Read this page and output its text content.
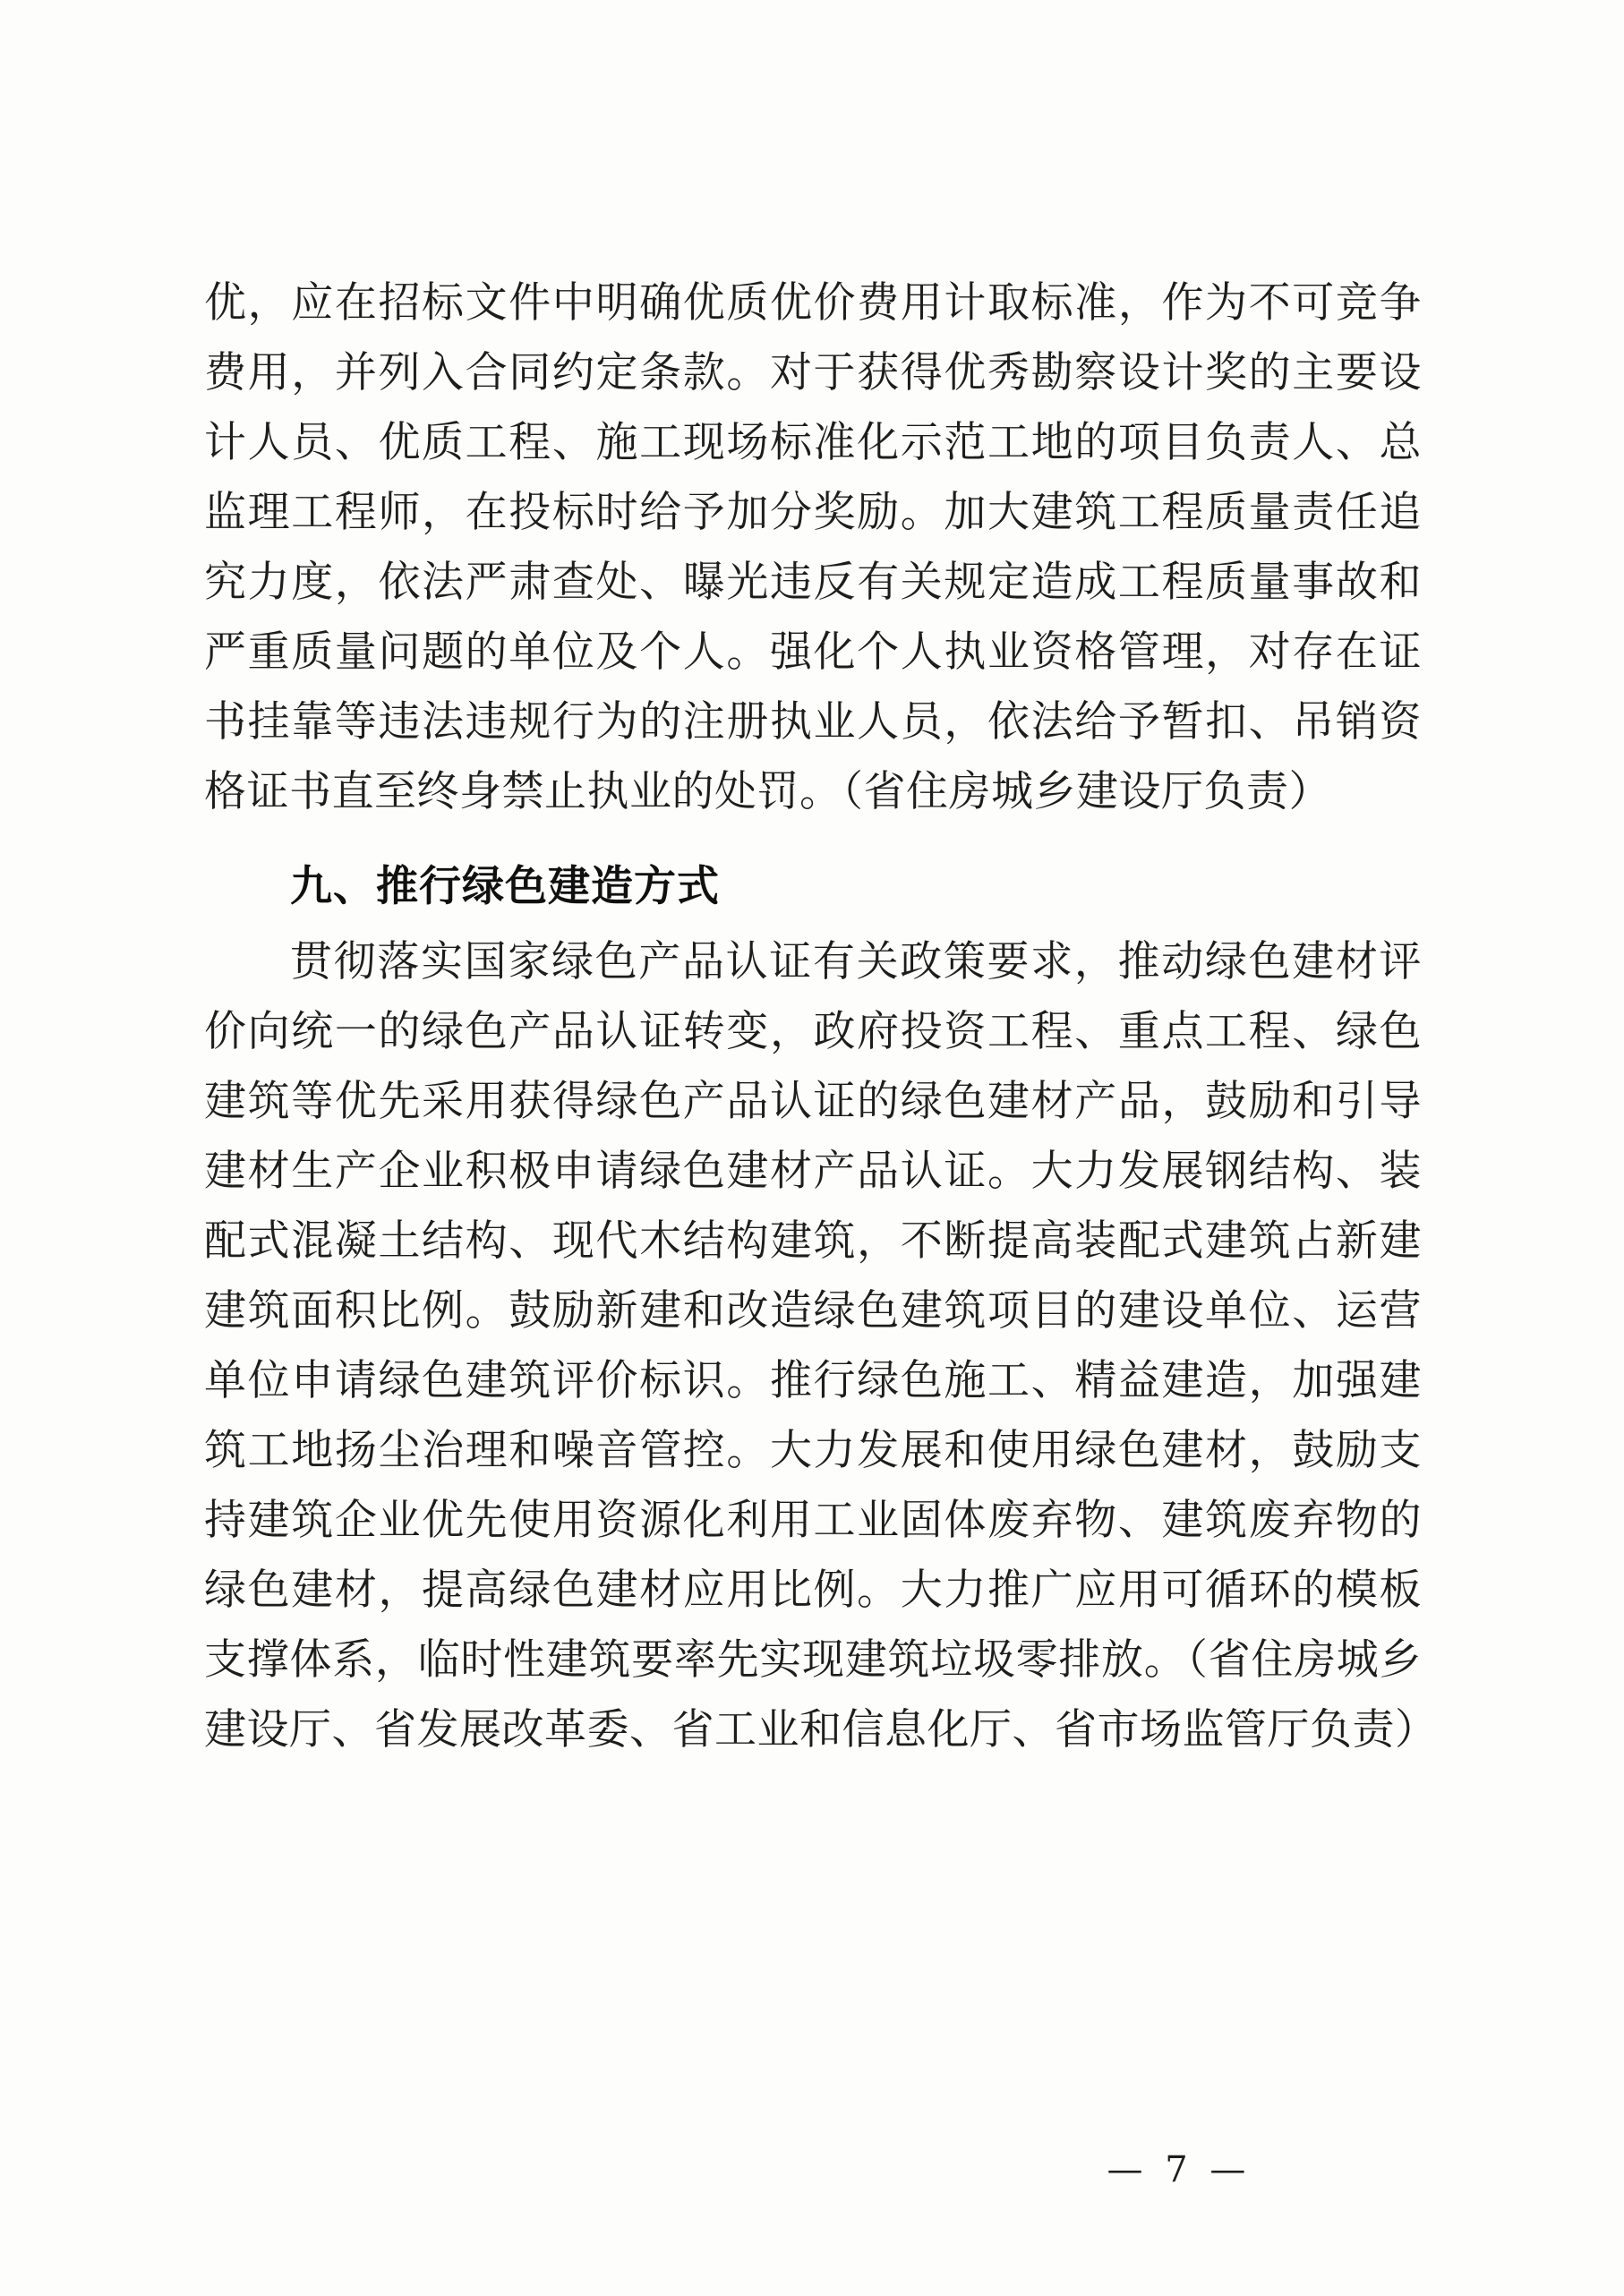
优，应在招标文件中明确优质优价费用计取标准，作为不可竞争费用，并列入合同约定条款。对于获得优秀勘察设计奖的主要设计人员、优质工程、施工现场标准化示范工地的项目负责人、总监理工程师，在投标时给予加分奖励。加大建筑工程质量责任追究力度，依法严肃查处、曝光违反有关规定造成工程质量事故和严重质量问题的单位及个人。强化个人执业资格管理，对存在证书挂靠等违法违规行为的注册执业人员，依法给予暂扣、吊销资格证书直至终身禁止执业的处罚。（省住房城乡建设厅负责）

九、推行绿色建造方式

贯彻落实国家绿色产品认证有关政策要求，推动绿色建材评价向统一的绿色产品认证转变，政府投资工程、重点工程、绿色建筑等优先采用获得绿色产品认证的绿色建材产品，鼓励和引导建材生产企业积极申请绿色建材产品认证。大力发展钢结构、装配式混凝土结构、现代木结构建筑，不断提高装配式建筑占新建建筑面积比例。鼓励新建和改造绿色建筑项目的建设单位、运营单位申请绿色建筑评价标识。推行绿色施工、精益建造，加强建筑工地扬尘治理和噪音管控。大力发展和使用绿色建材，鼓励支持建筑企业优先使用资源化利用工业固体废弃物、建筑废弃物的绿色建材，提高绿色建材应用比例。大力推广应用可循环的模板支撑体系，临时性建筑要率先实现建筑垃圾零排放。（省住房城乡建设厅、省发展改革委、省工业和信息化厅、省市场监管厅负责）

— 7 —
